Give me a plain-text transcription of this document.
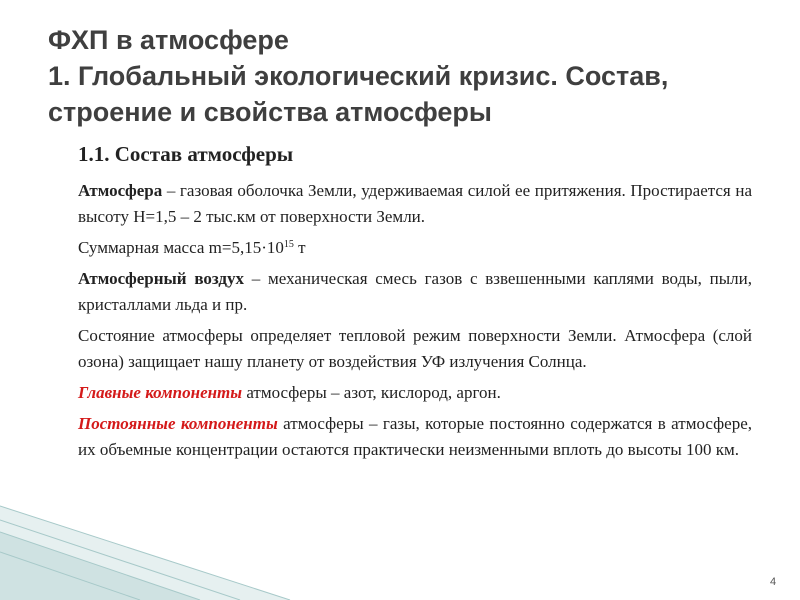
ФХП в атмосфере
1. Глобальный экологический кризис. Состав,
строение и свойства атмосферы
1.1. Состав атмосферы

Атмосфера – газовая оболочка Земли, удерживаемая силой ее притяжения. Простирается на высоту H=1,5 – 2 тыс.км от поверхности Земли.

Суммарная масса $m=5,15\cdot 10^{15}$ т

Атмосферный воздух – механическая смесь газов с взвешенными каплями воды, пыли, кристаллами льда и пр.

Состояние атмосферы определяет тепловой режим поверхности Земли. Атмосфера (слой озона) защищает нашу планету от воздействия УФ излучения Солнца.

Главные компоненты атмосферы – азот, кислород, аргон.

Постоянные компоненты атмосферы – газы, которые постоянно содержатся в атмосфере, их объемные концентрации остаются практически неизменными вплоть до высоты 100 км.

4
